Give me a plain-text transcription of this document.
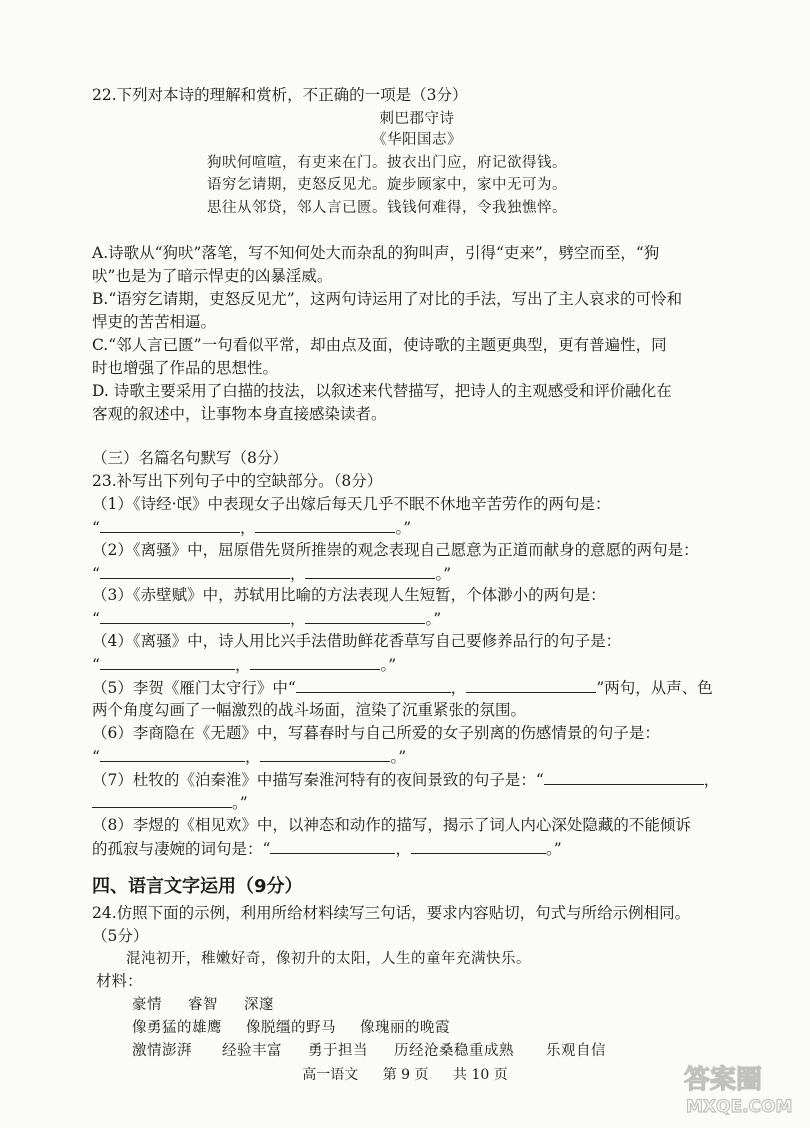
22.下列对本诗的理解和赏析，不正确的一项是（3分）
刺巴郡守诗
《华阳国志》
狗吠何喧喧，有吏来在门。披衣出门应，府记欲得钱。
语穷乞请期，吏怒反见尤。旋步顾家中，家中无可为。
思往从邻贷，邻人言已匮。钱钱何难得，令我独憔悴。
A.诗歌从“狗吠”落笔，写不知何处大而杂乱的狗叫声，引得“吏来”，劈空而至，“狗
吠”也是为了暗示悍吏的凶暴淫威。
B.“语穷乞请期，吏怒反见尤”，这两句诗运用了对比的手法，写出了主人哀求的可怜和
悍吏的苦苦相逼。
C.“邻人言已匮”一句看似平常，却由点及面，使诗歌的主题更典型，更有普遍性，同
时也增强了作品的思想性。
D. 诗歌主要采用了白描的技法，以叙述来代替描写，把诗人的主观感受和评价融化在
客观的叙述中，让事物本身直接感染读者。
（三）名篇名句默写（8分）
23.补写出下列句子中的空缺部分。（8分）
（1）《诗经·氓》中表现女子出嫁后每天几乎不眠不休地辛苦劳作的两句是：
“	，	。”
（2）《离骚》中，屈原借先贤所推崇的观念表现自己愿意为正道而献身的意愿的两句是：
“	，	。”
（3）《赤壁赋》中，苏轼用比喻的方法表现人生短暂，个体渺小的两句是：
“	，	。”
（4）《离骚》中，诗人用比兴手法借助鲜花香草写自己要修养品行的句子是：
“	，	。”
（5）李贺《雁门太守行》中“	，	”两句，从声、色
两个角度勾画了一幅激烈的战斗场面，渲染了沉重紧张的氛围。
（6）李商隐在《无题》中，写暮春时与自己所爱的女子别离的伤感情景的句子是：
“	，	。”
（7）杜牧的《泊秦淮》中描写秦淮河特有的夜间景致的句子是：“	，
。”
（8）李煜的《相见欢》中，以神态和动作的描写，揭示了词人内心深处隐藏的不能倾诉
的孤寂与凄婉的词句是：“	，	。”
四、语言文字运用（9分）
24.仿照下面的示例，利用所给材料续写三句话，要求内容贴切，句式与所给示例相同。
（5分）
混沌初开，稚嫩好奇，像初升的太阳，人生的童年充满快乐。
材料：
豪情 睿智 深邃
像勇猛的雄鹰 像脱缰的野马 像瑰丽的晚霞
激情澎湃 经验丰富 勇于担当 历经沧桑稳重成熟 乐观自信
高一语文 第 9 页 共 10 页	答案圈
MXQE.COM
